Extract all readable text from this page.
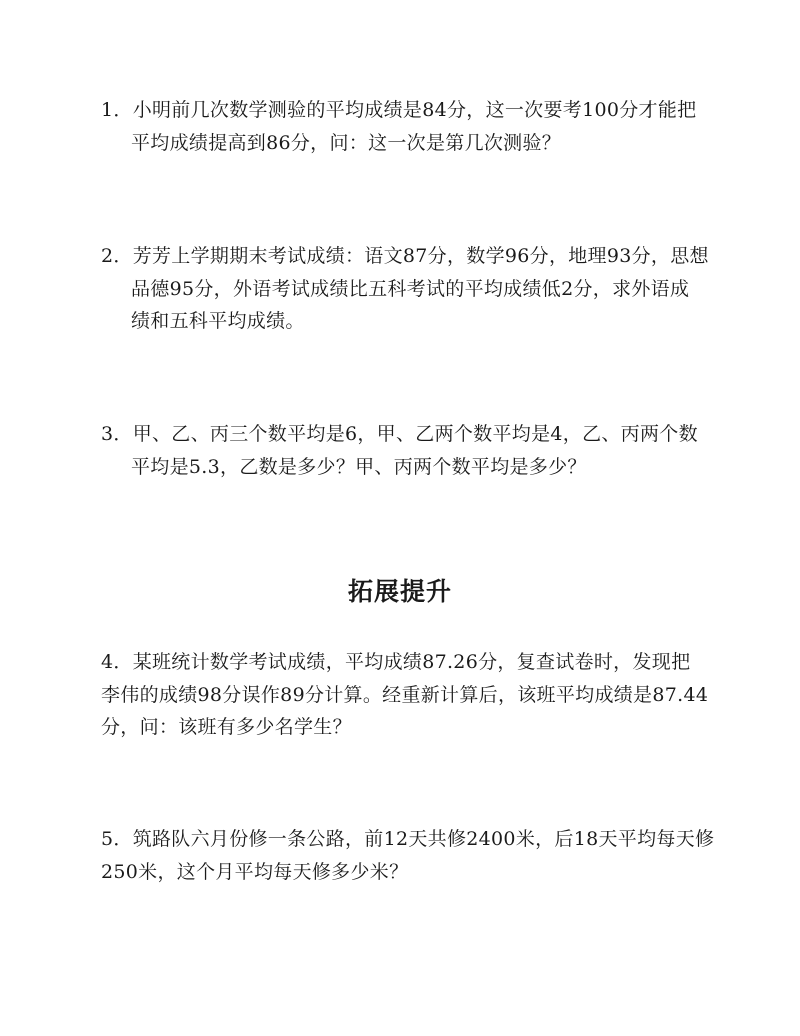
1．小明前几次数学测验的平均成绩是84分，这一次要考100分才能把
平均成绩提高到86分，问：这一次是第几次测验？
2．芳芳上学期期末考试成绩：语文87分，数学96分，地理93分，思想
品德95分，外语考试成绩比五科考试的平均成绩低2分，求外语成
绩和五科平均成绩。
3．甲、乙、丙三个数平均是6，甲、乙两个数平均是4，乙、丙两个数
平均是5.3，乙数是多少？甲、丙两个数平均是多少？
拓展提升
4．某班统计数学考试成绩，平均成绩87.26分，复查试卷时，发现把
李伟的成绩98分误作89分计算。经重新计算后，该班平均成绩是87.44
分，问：该班有多少名学生？
5．筑路队六月份修一条公路，前12天共修2400米，后18天平均每天修
250米，这个月平均每天修多少米？
